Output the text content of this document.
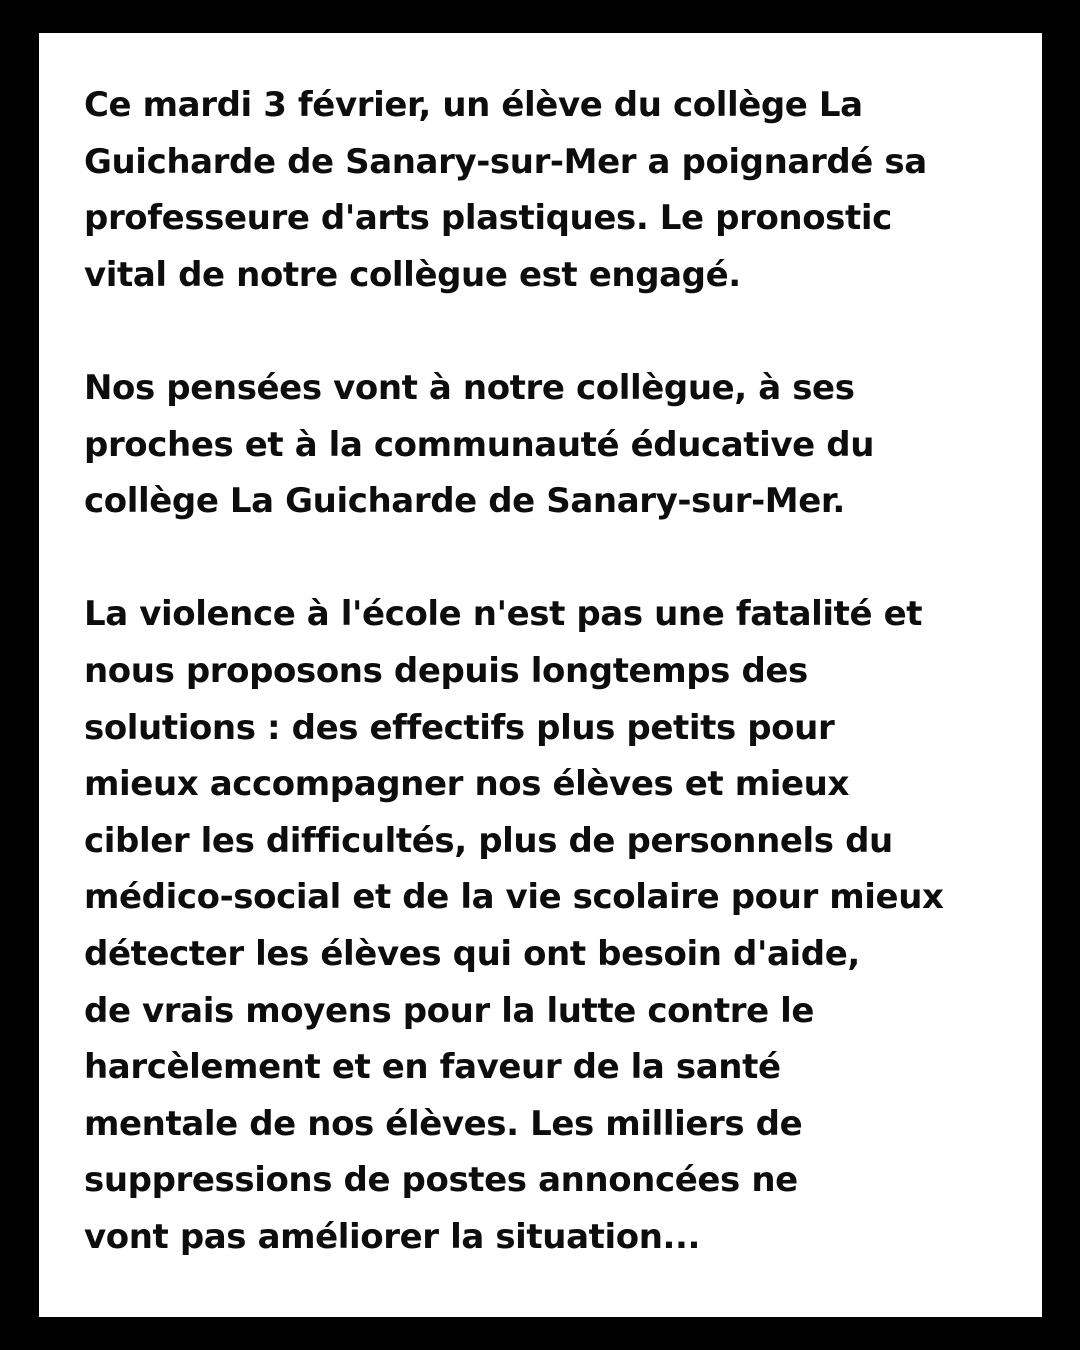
Ce mardi 3 février, un élève du collège La
Guicharde de Sanary-sur-Mer a poignardé sa
professeure d'arts plastiques. Le pronostic
vital de notre collègue est engagé.
Nos pensées vont à notre collègue, à ses
proches et à la communauté éducative du
collège La Guicharde de Sanary-sur-Mer.
La violence à l'école n'est pas une fatalité et
nous proposons depuis longtemps des
solutions : des effectifs plus petits pour
mieux accompagner nos élèves et mieux
cibler les difficultés, plus de personnels du
médico-social et de la vie scolaire pour mieux
détecter les élèves qui ont besoin d'aide,
de vrais moyens pour la lutte contre le
harcèlement et en faveur de la santé
mentale de nos élèves. Les milliers de
suppressions de postes annoncées ne
vont pas améliorer la situation...
